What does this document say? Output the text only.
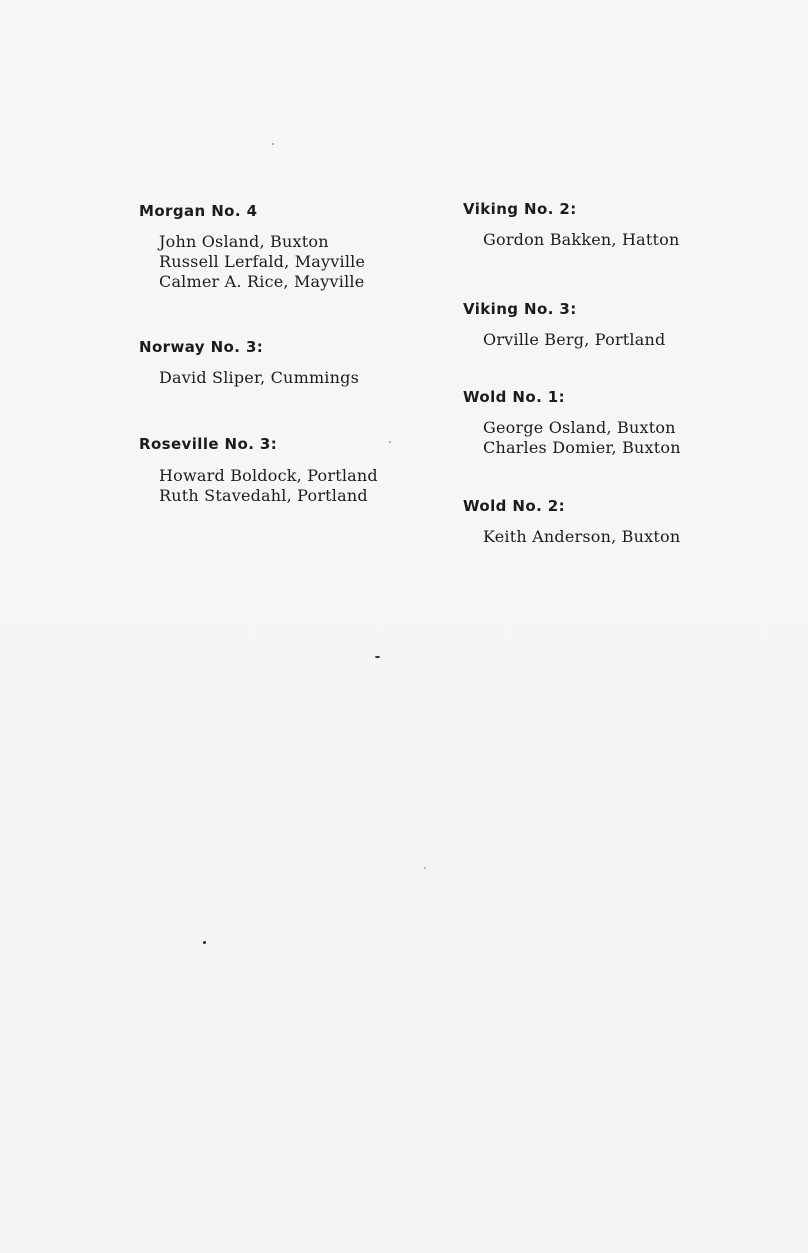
Morgan No. 4
John Osland, Buxton
Russell Lerfald, Mayville
Calmer A. Rice, Mayville
Norway No. 3:
David Sliper, Cummings
Roseville No. 3:
Howard Boldock, Portland
Ruth Stavedahl, Portland
Viking No. 2:
Gordon Bakken, Hatton
Viking No. 3:
Orville Berg, Portland
Wold No. 1:
George Osland, Buxton
Charles Domier, Buxton
Wold No. 2:
Keith Anderson, Buxton
